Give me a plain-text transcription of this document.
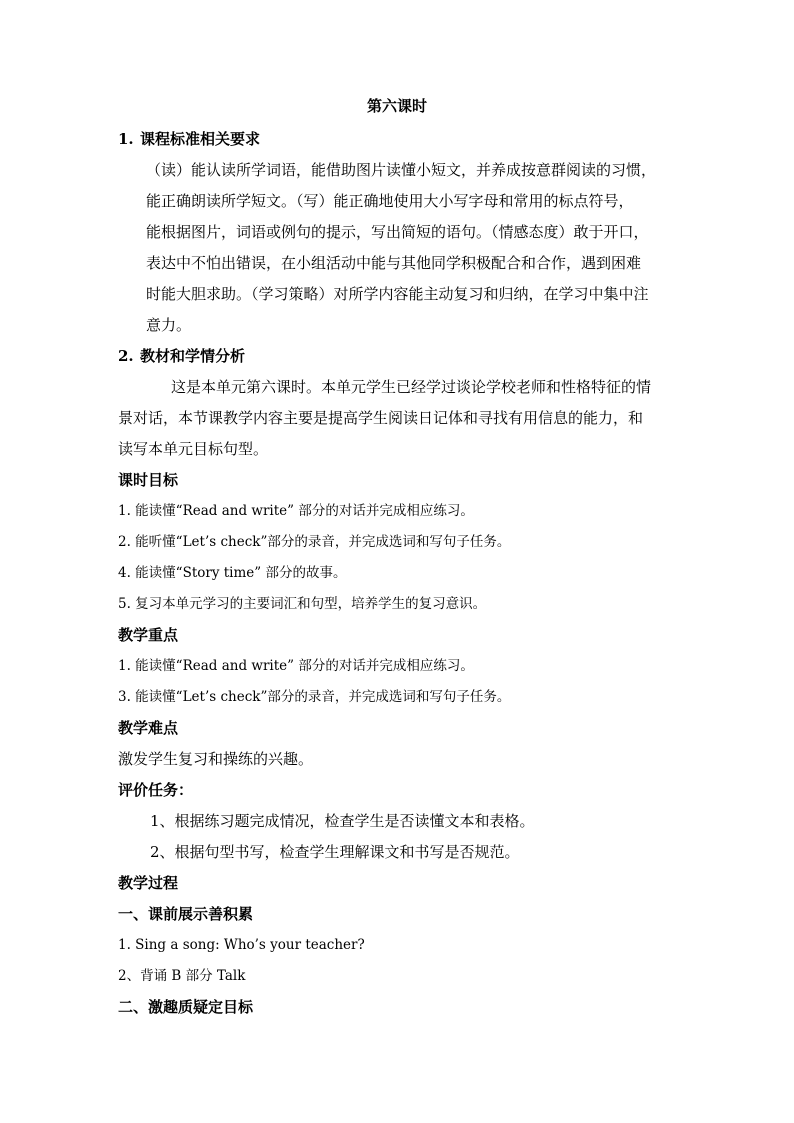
第六课时
1. 课程标准相关要求
（读）能认读所学词语，能借助图片读懂小短文，并养成按意群阅读的习惯，
能正确朗读所学短文。（写）能正确地使用大小写字母和常用的标点符号，
能根据图片，词语或例句的提示，写出简短的语句。（情感态度）敢于开口，
表达中不怕出错误，在小组活动中能与其他同学积极配合和合作，遇到困难
时能大胆求助。（学习策略）对所学内容能主动复习和归纳，在学习中集中注
意力。
2. 教材和学情分析
这是本单元第六课时。本单元学生已经学过谈论学校老师和性格特征的情
景对话，本节课教学内容主要是提高学生阅读日记体和寻找有用信息的能力，和
读写本单元目标句型。
课时目标
1. 能读懂“Read and write” 部分的对话并完成相应练习。
2. 能听懂“Let’s check”部分的录音，并完成选词和写句子任务。
4. 能读懂“Story time” 部分的故事。
5. 复习本单元学习的主要词汇和句型，培养学生的复习意识。
教学重点
1. 能读懂“Read and write” 部分的对话并完成相应练习。
3. 能读懂“Let’s check”部分的录音，并完成选词和写句子任务。
教学难点
激发学生复习和操练的兴趣。
评价任务：
1、根据练习题完成情况，检查学生是否读懂文本和表格。
2、根据句型书写，检查学生理解课文和书写是否规范。
教学过程
一、课前展示善积累
1. Sing a song: Who’s your teacher?
2、背诵 B 部分 Talk
二、激趣质疑定目标
